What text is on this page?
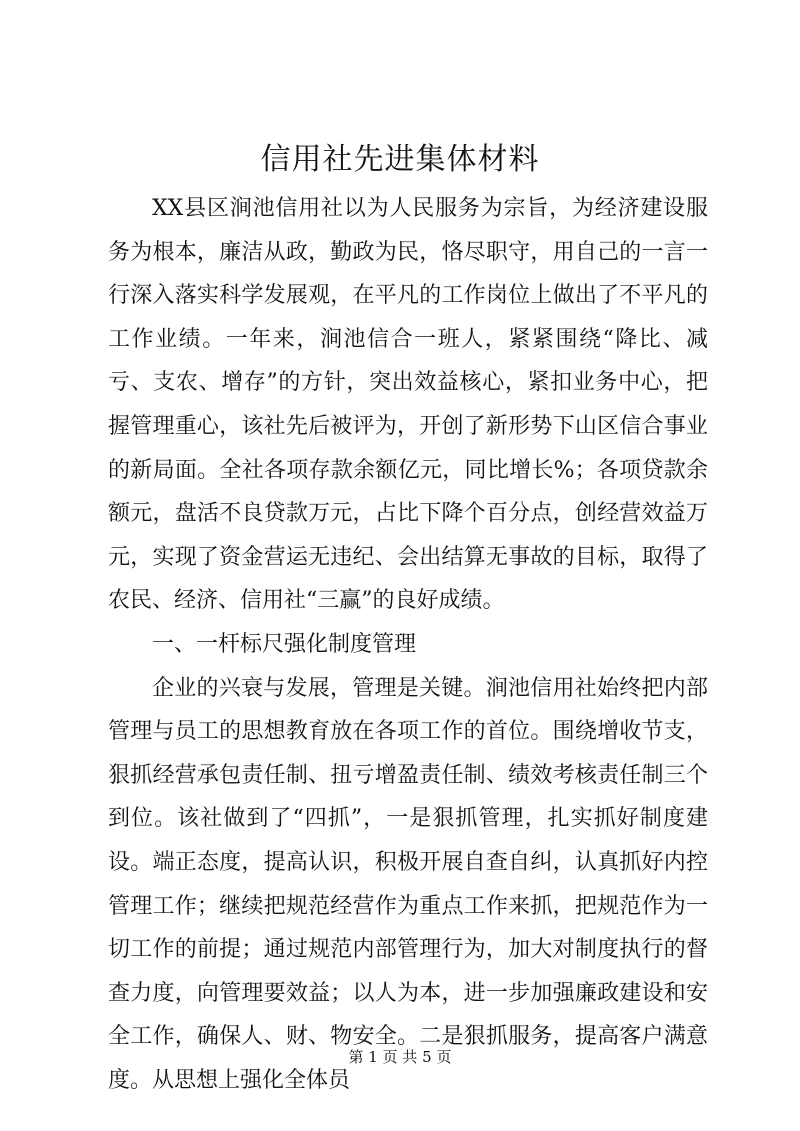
信用社先进集体材料

XX县区涧池信用社以为人民服务为宗旨，为经济建设服务为根本，廉洁从政，勤政为民，恪尽职守，用自己的一言一行深入落实科学发展观，在平凡的工作岗位上做出了不平凡的工作业绩。一年来，涧池信合一班人，紧紧围绕“降比、减亏、支农、增存”的方针，突出效益核心，紧扣业务中心，把握管理重心，该社先后被评为，开创了新形势下山区信合事业的新局面。全社各项存款余额亿元，同比增长%；各项贷款余额元，盘活不良贷款万元，占比下降个百分点，创经营效益万元，实现了资金营运无违纪、会出结算无事故的目标，取得了农民、经济、信用社“三赢”的良好成绩。

一、一杆标尺强化制度管理

企业的兴衰与发展，管理是关键。涧池信用社始终把内部管理与员工的思想教育放在各项工作的首位。围绕增收节支，狠抓经营承包责任制、扭亏增盈责任制、绩效考核责任制三个到位。该社做到了“四抓”，一是狠抓管理，扎实抓好制度建设。端正态度，提高认识，积极开展自查自纠，认真抓好内控管理工作；继续把规范经营作为重点工作来抓，把规范作为一切工作的前提；通过规范内部管理行为，加大对制度执行的督查力度，向管理要效益；以人为本，进一步加强廉政建设和安全工作，确保人、财、物安全。二是狠抓服务，提高客户满意度。从思想上强化全体员

第 1 页 共 5 页
